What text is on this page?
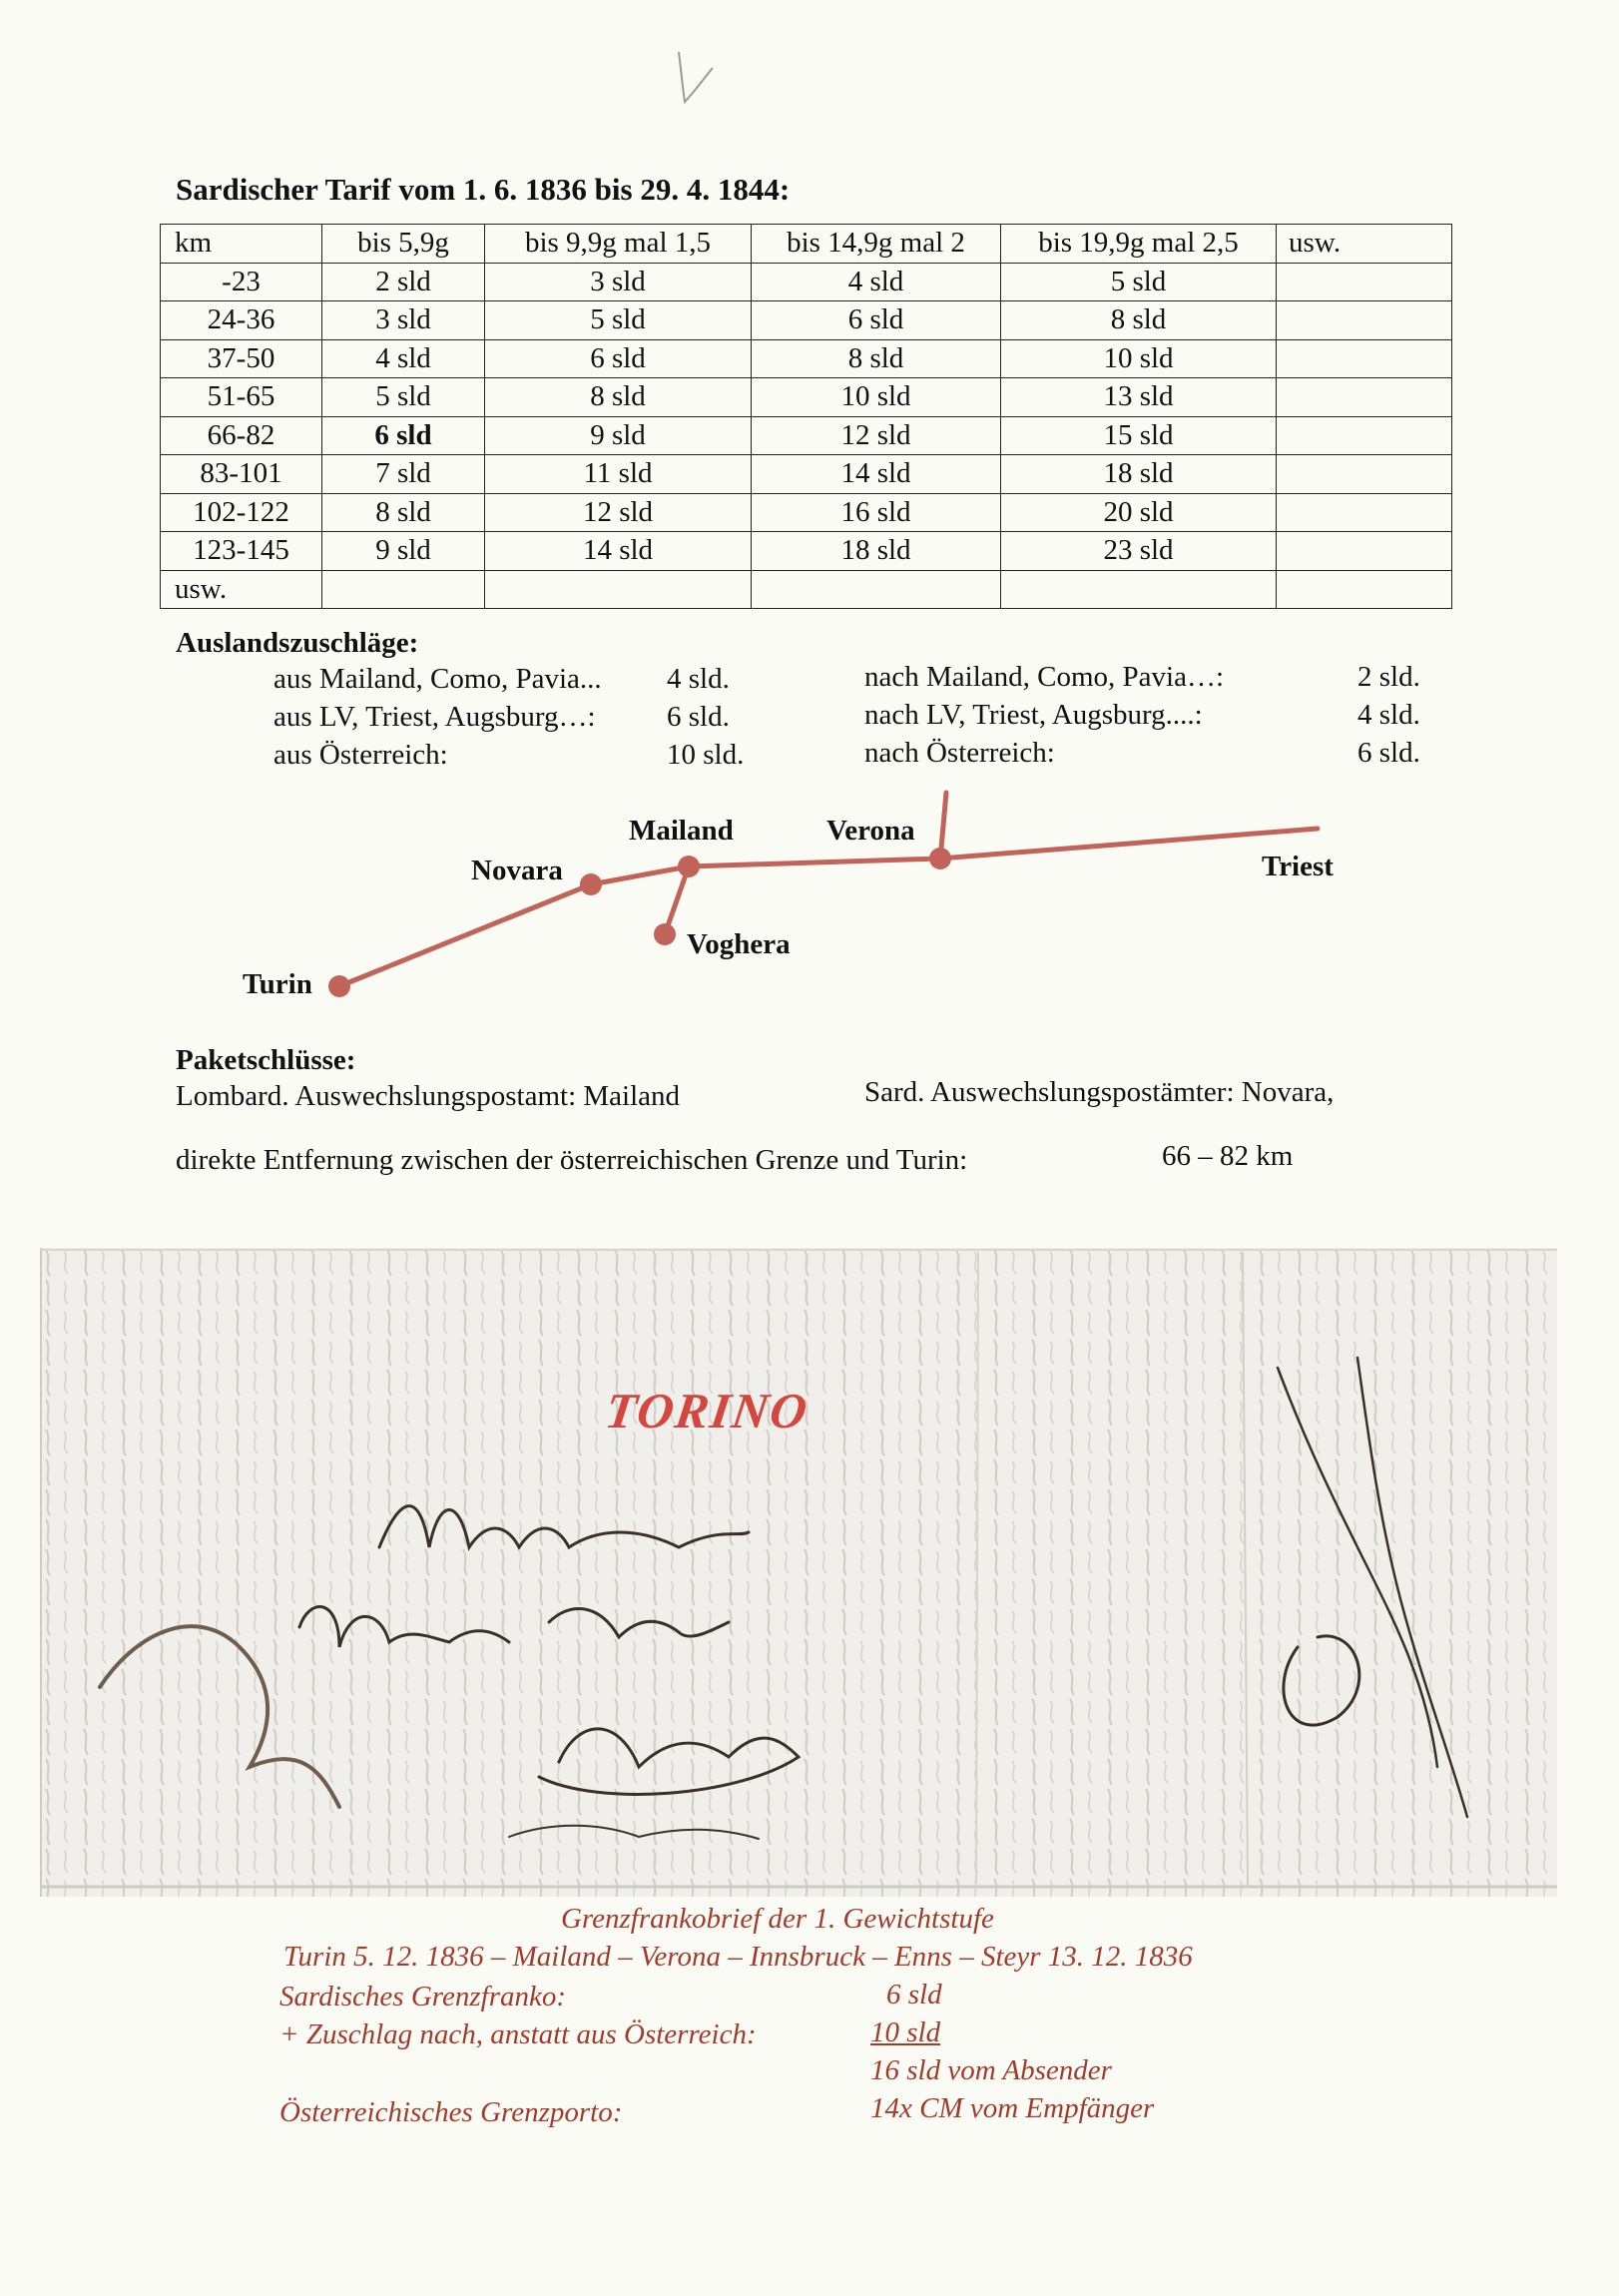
Sardischer Tarif vom 1. 6. 1836 bis 29. 4. 1844:
km	bis 5,9g	bis 9,9g mal 1,5	bis 14,9g mal 2	bis 19,9g mal 2,5	usw.
-23	2 sld	3 sld	4 sld	5 sld	
24-36	3 sld	5 sld	6 sld	8 sld	
37-50	4 sld	6 sld	8 sld	10 sld	
51-65	5 sld	8 sld	10 sld	13 sld	
66-82	6 sld	9 sld	12 sld	15 sld	
83-101	7 sld	11 sld	14 sld	18 sld	
102-122	8 sld	12 sld	16 sld	20 sld	
123-145	9 sld	14 sld	18 sld	23 sld	
usw.					
Auslandszuschläge:
aus Mailand, Como, Pavia... 4 sld.
aus LV, Triest, Augsburg…: 6 sld.
aus Österreich:	10 sld.
nach Mailand, Como, Pavia…:	2 sld.
nach LV, Triest, Augsburg....:	4 sld.
nach Österreich:	6 sld.
Turin
Novara
Mailand
Voghera
Verona
Triest
Paketschlüsse:
Lombard. Auswechslungspostamt: Mailand	Sard. Auswechslungspostämter: Novara,
direkte Entfernung zwischen der österreichischen Grenze und Turin:	66 – 82 km
TORINO
Grenzfrankobrief der 1. Gewichtstufe
Turin 5. 12. 1836 – Mailand – Verona – Innsbruck – Enns – Steyr 13. 12. 1836
Sardisches Grenzfranko:	6 sld
+ Zuschlag nach, anstatt aus Österreich:	10 sld
16 sld vom Absender
Österreichisches Grenzporto:	14x CM vom Empfänger
